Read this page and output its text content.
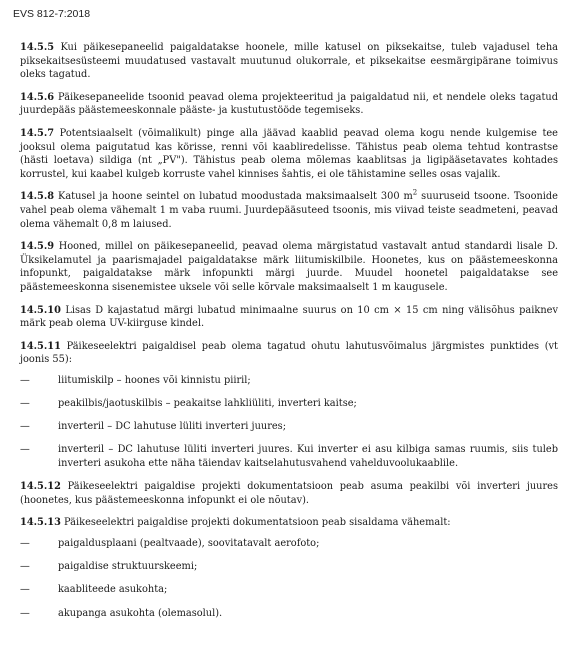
EVS 812-7:2018

14.5.5 Kui päikesepaneelid paigaldatakse hoonele, mille katusel on piksekaitse, tuleb vajadusel teha piksekaitsesüsteemi muudatused vastavalt muutunud olukorrale, et piksekaitse eesmärgipärane toimivus oleks tagatud.

14.5.6 Päikesepaneelide tsoonid peavad olema projekteeritud ja paigaldatud nii, et nendele oleks tagatud juurdepääs päästemeeskonnale pääste- ja kustutustööde tegemiseks.

14.5.7 Potentsiaalselt (võimalikult) pinge alla jäävad kaablid peavad olema kogu nende kulgemise tee jooksul olema paigutatud kas körisse, renni või kaabliredelisse. Tähistus peab olema tehtud kontrastse (hästi loetava) sildiga (nt „PV"). Tähistus peab olema mõlemas kaablitsas ja ligipääsetavates kohtades korrustel, kui kaabel kulgeb korruste vahel kinnises šahtis, ei ole tähistamine selles osas vajalik.

14.5.8 Katusel ja hoone seintel on lubatud moodustada maksimaalselt 300 $m^2$ suuruseid tsoone. Tsoonide vahel peab olema vähemalt 1 m vaba ruumi. Juurdepääsuteed tsoonis, mis viivad teiste seadmeteni, peavad olema vähemalt 0,8 m laiused.

14.5.9 Hooned, millel on päikesepaneelid, peavad olema märgistatud vastavalt antud standardi lisale D. Üksikelamutel ja paarismajadel paigaldatakse märk liitumiskilbile. Hoonetes, kus on päästemeeskonna infopunkt, paigaldatakse märk infopunkti märgi juurde. Muudel hoonetel paigaldatakse see päästemeeskonna sisenemistee uksele või selle kõrvale maksimaalselt 1 m kaugusele.

14.5.10 Lisas D kajastatud märgi lubatud minimaalne suurus on 10 cm × 15 cm ning välisõhus paiknev märk peab olema UV-kiirguse kindel.

14.5.11 Päikeseelektri paigaldisel peab olema tagatud ohutu lahutusvõimalus järgmistes punktides (vt joonis 55):

—	liitumiskilp – hoones või kinnistu piiril;
—	peakilbis/jaotuskilbis – peakaitse lahkliüliti, inverteri kaitse;
—	inverteril – DC lahutuse lüliti inverteri juures;
—	inverteril – DC lahutuse lüliti inverteri juures. Kui inverter ei asu kilbiga samas ruumis, siis tuleb inverteri asukoha ette näha täiendav kaitselahutusvahend vahelduvoolukaablile.

14.5.12 Päikeseelektri paigaldise projekti dokumentatsioon peab asuma peakilbi või inverteri juures (hoonetes, kus päästemeeskonna infopunkt ei ole nõutav).

14.5.13 Päikeseelektri paigaldise projekti dokumentatsioon peab sisaldama vähemalt:

—	paigaldusplaani (pealtvaade), soovitatavalt aerofoto;
—	paigaldise struktuurskeemi;
—	kaabliteede asukohta;
—	akupanga asukohta (olemasolul).
